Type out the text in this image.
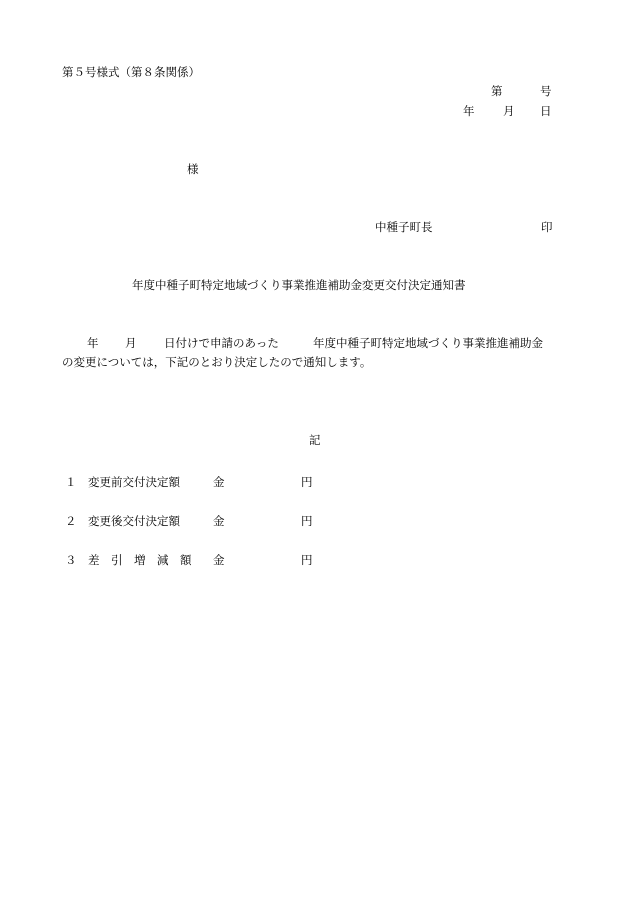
第５号様式（第８条関係）
第	号
年 月 日
様
中種子町長	印
年度中種子町特定地域づくり事業推進補助金変更交付決定通知書
年 月 日付けで申請のあった	年度中種子町特定地域づくり事業推進補助金
の変更については，下記のとおり決定したので通知します。
記
１ 変更前交付決定額	金	円
２ 変更後交付決定額	金	円
３ 差　引　増　減　額 金	円
